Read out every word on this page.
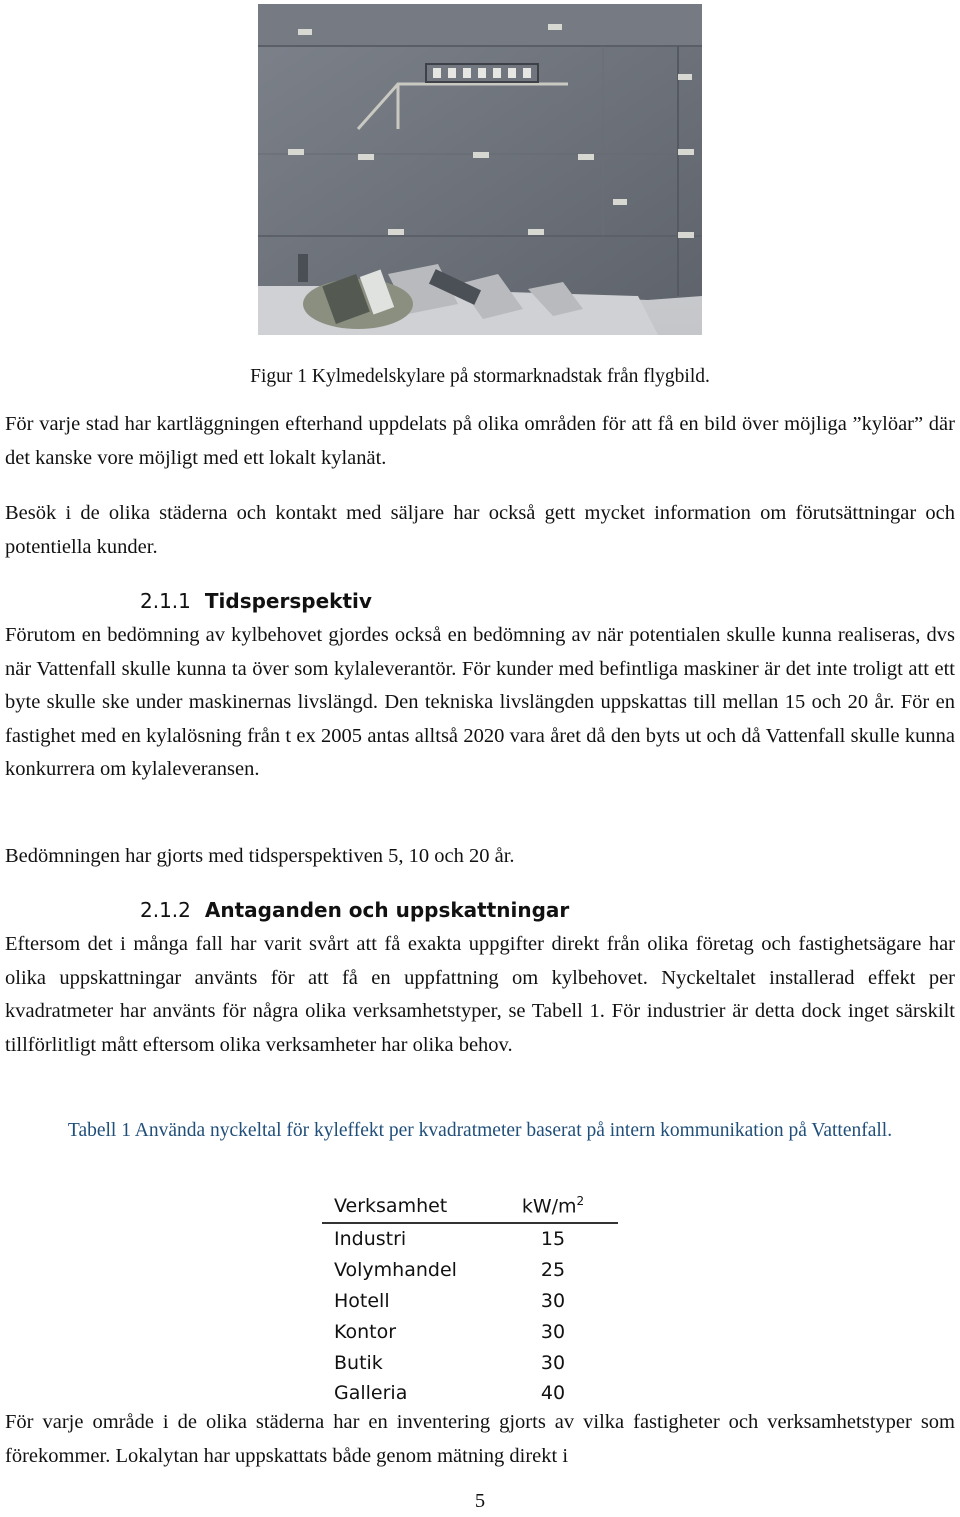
Figur 1 Kylmedelskylare på stormarknadstak från flygbild.

För varje stad har kartläggningen efterhand uppdelats på olika områden för att få en bild över möjliga ”kylöar” där det kanske vore möjligt med ett lokalt kylanät.

Besök i de olika städerna och kontakt med säljare har också gett mycket information om förutsättningar och potentiella kunder.

2.1.1 Tidsperspektiv

Förutom en bedömning av kylbehovet gjordes också en bedömning av när potentialen skulle kunna realiseras, dvs när Vattenfall skulle kunna ta över som kylaleverantör. För kunder med befintliga maskiner är det inte troligt att ett byte skulle ske under maskinernas livslängd. Den tekniska livslängden uppskattas till mellan 15 och 20 år. För en fastighet med en kylalösning från t ex 2005 antas alltså 2020 vara året då den byts ut och då Vattenfall skulle kunna konkurrera om kylaleveransen.

Bedömningen har gjorts med tidsperspektiven 5, 10 och 20 år.

2.1.2 Antaganden och uppskattningar

Eftersom det i många fall har varit svårt att få exakta uppgifter direkt från olika företag och fastighetsägare har olika uppskattningar använts för att få en uppfattning om kylbehovet. Nyckeltalet installerad effekt per kvadratmeter har använts för några olika verksamhetstyper, se Tabell 1. För industrier är detta dock inget särskilt tillförlitligt mått eftersom olika verksamheter har olika behov.

Tabell 1 Använda nyckeltal för kyleffekt per kvadratmeter baserat på intern kommunikation på Vattenfall.
Verksamhet	$kW/m^2$
Industri	15
Volymhandel	25
Hotell	30
Kontor	30
Butik	30
Galleria	40

För varje område i de olika städerna har en inventering gjorts av vilka fastigheter och verksamhetstyper som förekommer. Lokalytan har uppskattats både genom mätning direkt i

5
